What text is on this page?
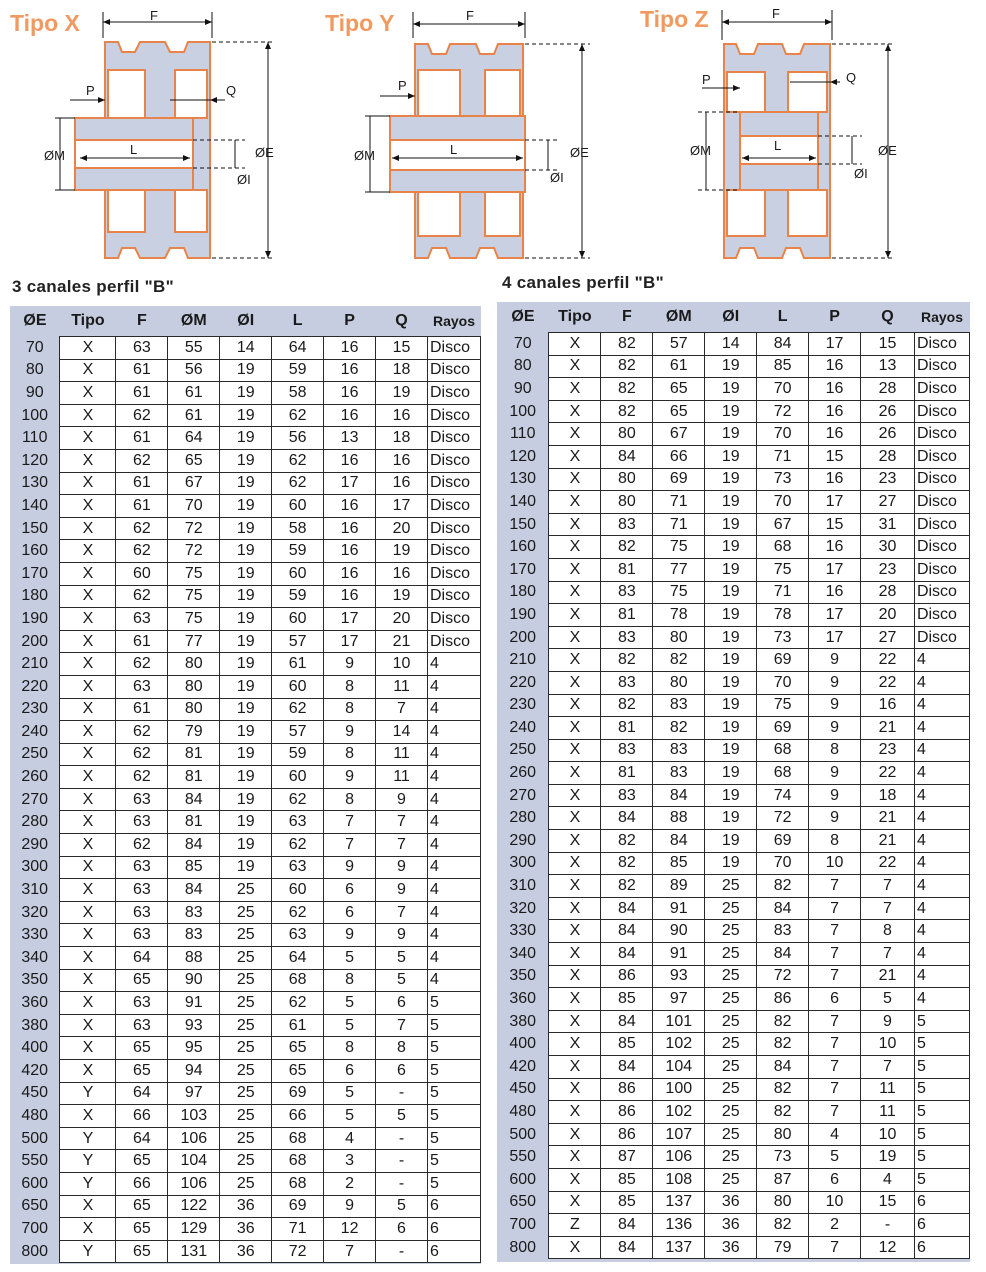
Tipo X	F
P	Q
ØM	L
ØI
ØE
Tipo Y	F
P
ØM	L
ØI
ØE
Tipo Z	F
P	Q
ØM	L
ØI
ØE
3 canales perfil "B"	4 canales perfil "B"
ØE	Tipo	F	ØM	ØI	L	P	Q	Rayos
70	X	63	55	14	64	16	15	Disco
80	X	61	56	19	59	16	18	Disco
90	X	61	61	19	58	16	19	Disco
100	X	62	61	19	62	16	16	Disco
110	X	61	64	19	56	13	18	Disco
120	X	62	65	19	62	16	16	Disco
130	X	61	67	19	62	17	16	Disco
140	X	61	70	19	60	16	17	Disco
150	X	62	72	19	58	16	20	Disco
160	X	62	72	19	59	16	19	Disco
170	X	60	75	19	60	16	16	Disco
180	X	62	75	19	59	16	19	Disco
190	X	63	75	19	60	17	20	Disco
200	X	61	77	19	57	17	21	Disco
210	X	62	80	19	61	9	10	4
220	X	63	80	19	60	8	11	4
230	X	61	80	19	62	8	7	4
240	X	62	79	19	57	9	14	4
250	X	62	81	19	59	8	11	4
260	X	62	81	19	60	9	11	4
270	X	63	84	19	62	8	9	4
280	X	63	81	19	63	7	7	4
290	X	62	84	19	62	7	7	4
300	X	63	85	19	63	9	9	4
310	X	63	84	25	60	6	9	4
320	X	63	83	25	62	6	7	4
330	X	63	83	25	63	9	9	4
340	X	64	88	25	64	5	5	4
350	X	65	90	25	68	8	5	4
360	X	63	91	25	62	5	6	5
380	X	63	93	25	61	5	7	5
400	X	65	95	25	65	8	8	5
420	X	65	94	25	65	6	6	5
450	Y	64	97	25	69	5	-	5
480	X	66	103	25	66	5	5	5
500	Y	64	106	25	68	4	-	5
550	Y	65	104	25	68	3	-	5
600	Y	66	106	25	68	2	-	5
650	X	65	122	36	69	9	5	6
700	X	65	129	36	71	12	6	6
800	Y	65	131	36	72	7	-	6
ØE	Tipo	F	ØM	ØI	L	P	Q	Rayos
70	X	82	57	14	84	17	15	Disco
80	X	82	61	19	85	16	13	Disco
90	X	82	65	19	70	16	28	Disco
100	X	82	65	19	72	16	26	Disco
110	X	80	67	19	70	16	26	Disco
120	X	84	66	19	71	15	28	Disco
130	X	80	69	19	73	16	23	Disco
140	X	80	71	19	70	17	27	Disco
150	X	83	71	19	67	15	31	Disco
160	X	82	75	19	68	16	30	Disco
170	X	81	77	19	75	17	23	Disco
180	X	83	75	19	71	16	28	Disco
190	X	81	78	19	78	17	20	Disco
200	X	83	80	19	73	17	27	Disco
210	X	82	82	19	69	9	22	4
220	X	83	80	19	70	9	22	4
230	X	82	83	19	75	9	16	4
240	X	81	82	19	69	9	21	4
250	X	83	83	19	68	8	23	4
260	X	81	83	19	68	9	22	4
270	X	83	84	19	74	9	18	4
280	X	84	88	19	72	9	21	4
290	X	82	84	19	69	8	21	4
300	X	82	85	19	70	10	22	4
310	X	82	89	25	82	7	7	4
320	X	84	91	25	84	7	7	4
330	X	84	90	25	83	7	8	4
340	X	84	91	25	84	7	7	4
350	X	86	93	25	72	7	21	4
360	X	85	97	25	86	6	5	4
380	X	84	101	25	82	7	9	5
400	X	85	102	25	82	7	10	5
420	X	84	104	25	84	7	7	5
450	X	86	100	25	82	7	11	5
480	X	86	102	25	82	7	11	5
500	X	86	107	25	80	4	10	5
550	X	87	106	25	73	5	19	5
600	X	85	108	25	87	6	4	5
650	X	85	137	36	80	10	15	6
700	Z	84	136	36	82	2	-	6
800	X	84	137	36	79	7	12	6
